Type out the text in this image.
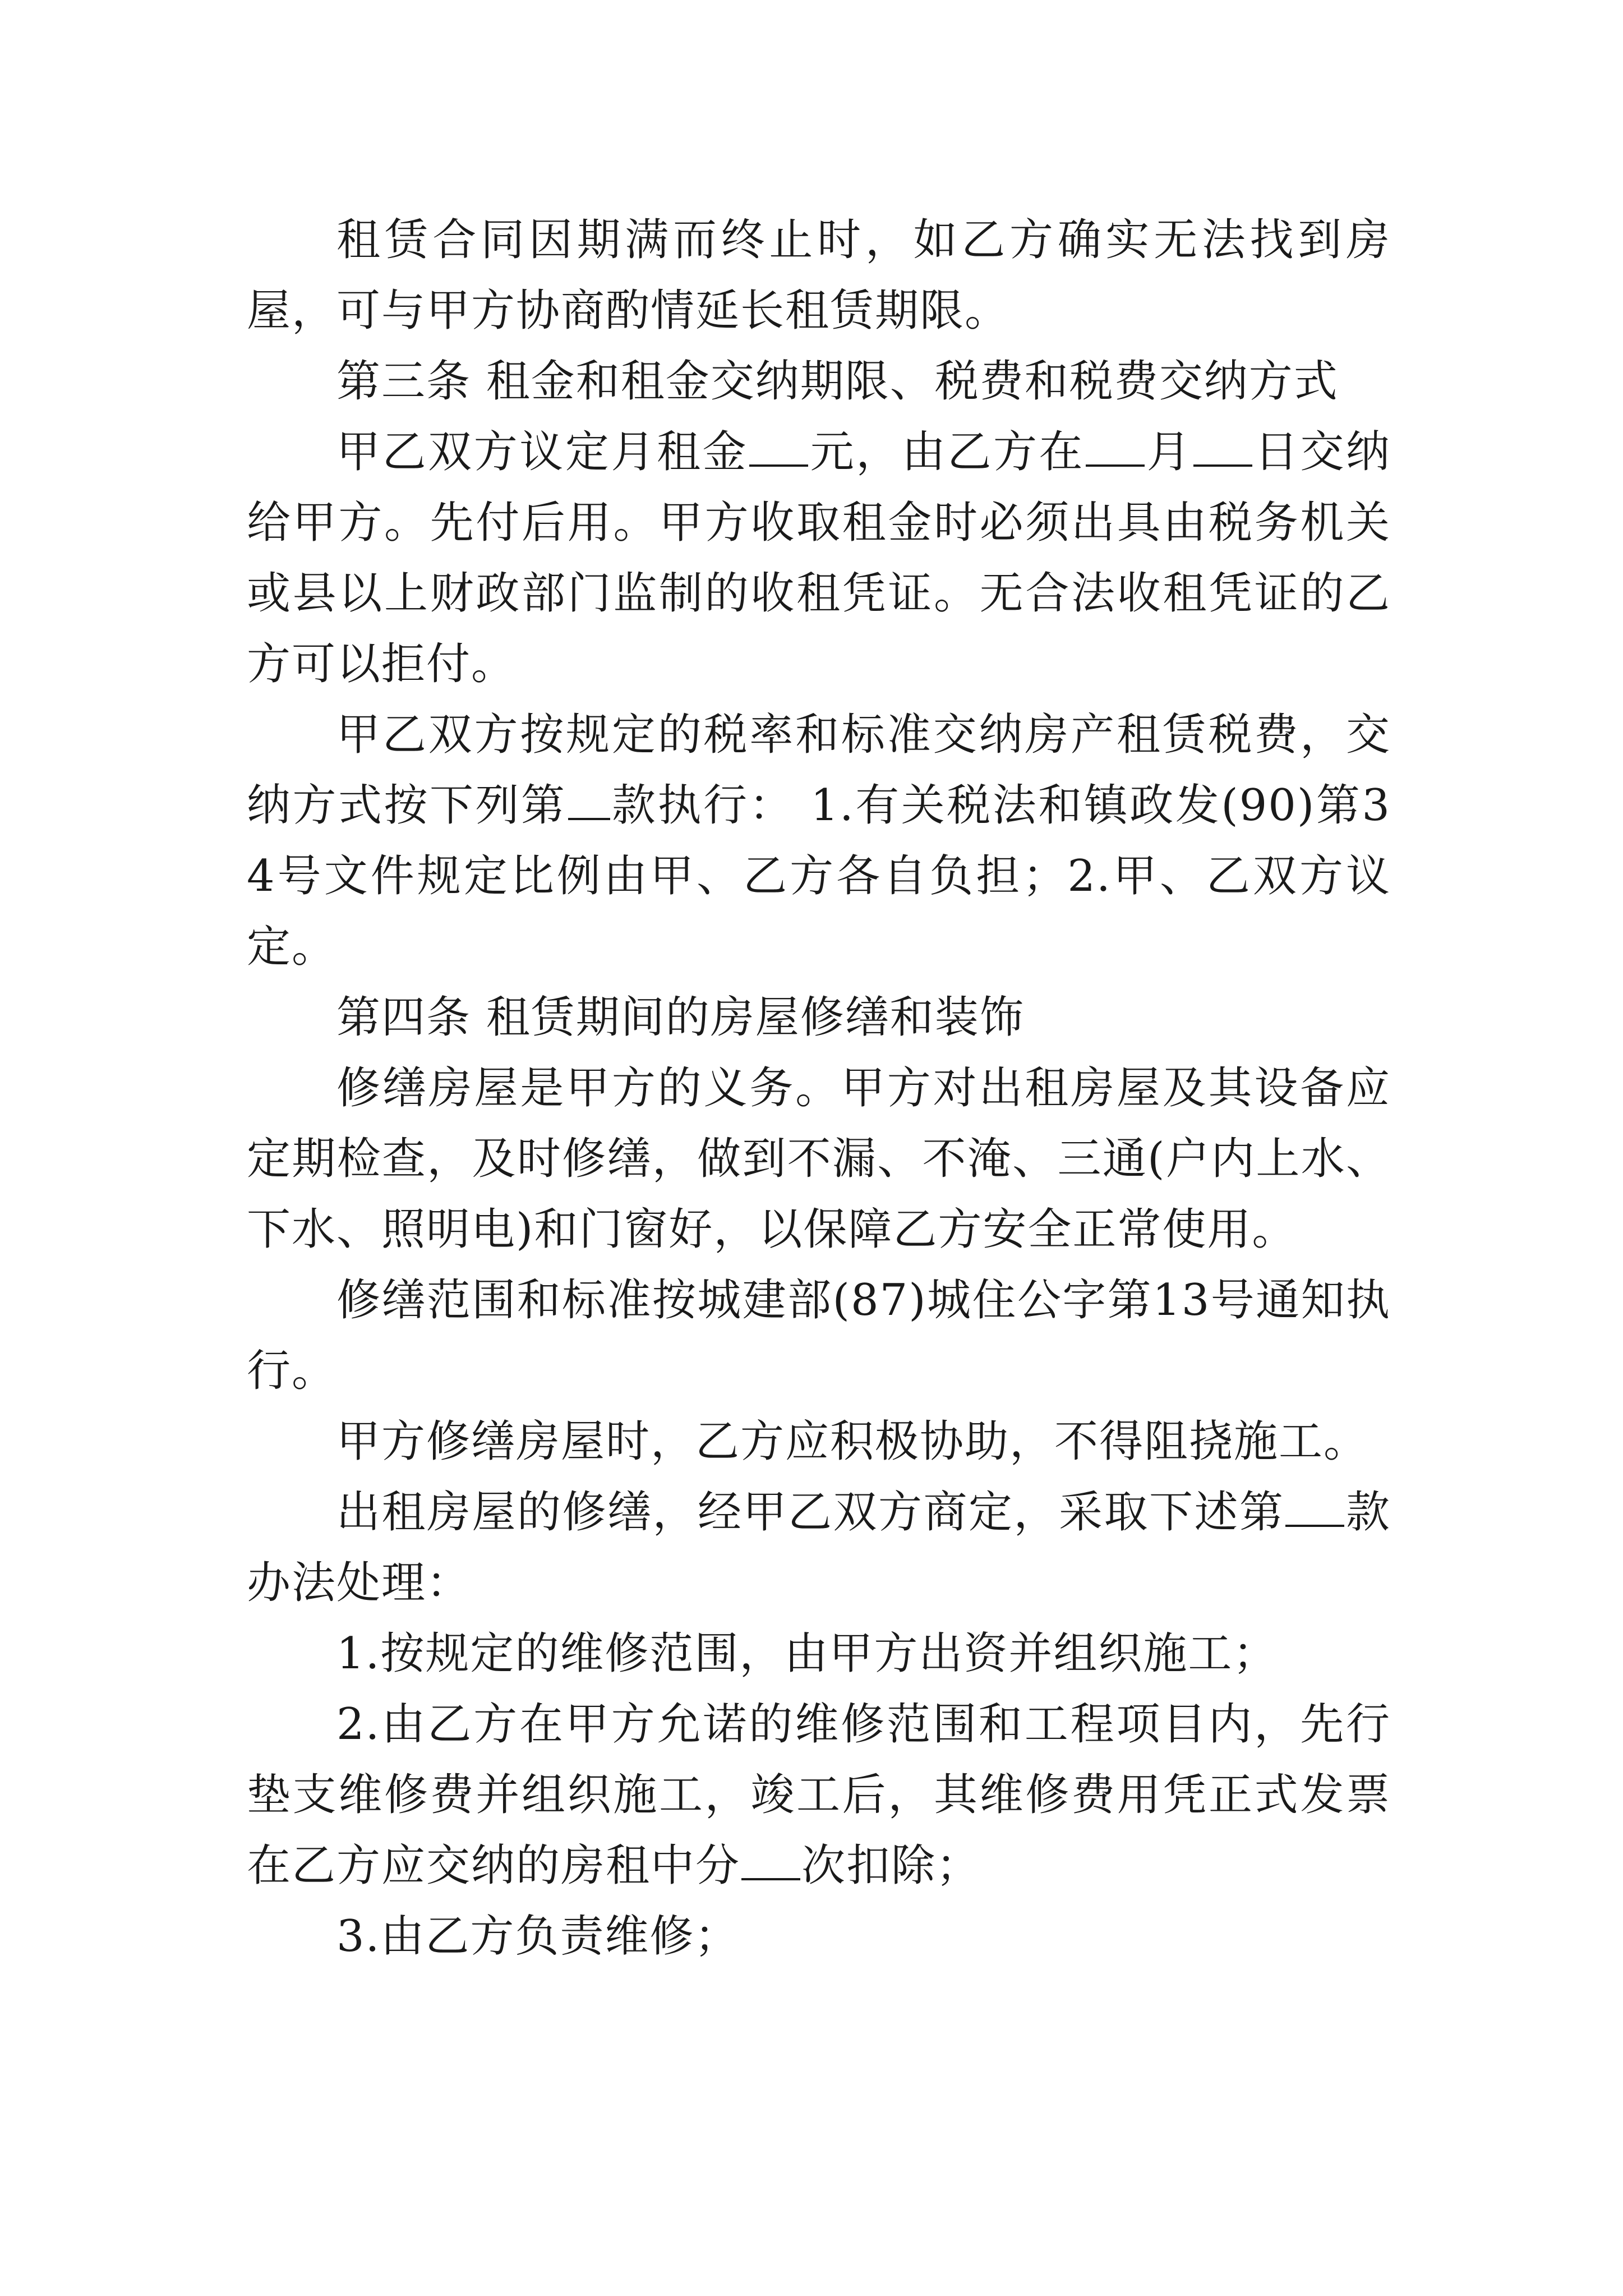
租赁合同因期满而终止时，如乙方确实无法找到房屋，可与甲方协商酌情延长租赁期限。

第三条 租金和租金交纳期限、税费和税费交纳方式

甲乙双方议定月租金 元，由乙方在 月 日交纳给甲方。先付后用。甲方收取租金时必须出具由税务机关或县以上财政部门监制的收租凭证。无合法收租凭证的乙方可以拒付。

甲乙双方按规定的税率和标准交纳房产租赁税费，交纳方式按下列第 款执行： 1.有关税法和镇政发(90)第34号文件规定比例由甲、乙方各自负担；2.甲、乙双方议定。

第四条 租赁期间的房屋修缮和装饰

修缮房屋是甲方的义务。甲方对出租房屋及其设备应定期检查，及时修缮，做到不漏、不淹、三通(户内上水、下水、照明电)和门窗好，以保障乙方安全正常使用。

修缮范围和标准按城建部(87)城住公字第13号通知执行。

甲方修缮房屋时，乙方应积极协助，不得阻挠施工。

出租房屋的修缮，经甲乙双方商定，采取下述第 款办法处理：

1.按规定的维修范围，由甲方出资并组织施工；

2.由乙方在甲方允诺的维修范围和工程项目内，先行垫支维修费并组织施工，竣工后，其维修费用凭正式发票在乙方应交纳的房租中分 次扣除；

3.由乙方负责维修；
